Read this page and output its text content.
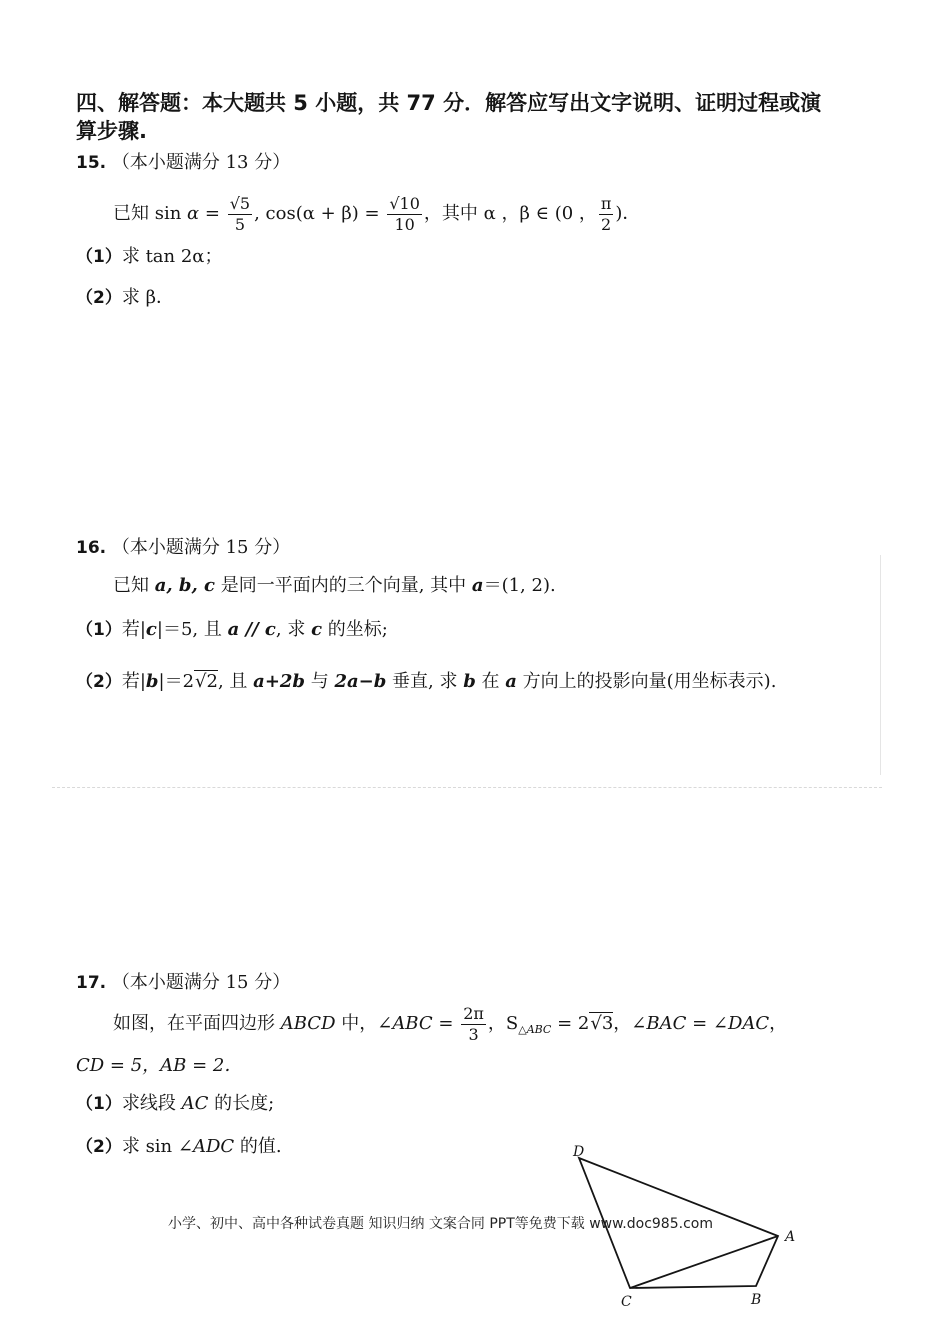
四、解答题：本大题共 5 小题，共 77 分．解答应写出文字说明、证明过程或演
算步骤.
15. （本小题满分 13 分）
已知 $\sin \alpha = \frac{√5}{5}$ , $\cos(\alpha + \beta) = \frac{√10}{10}$ ，其中 α ，β ∈ (0 ， $\frac{\pi}{2}$ )．
（1）求 tan 2α；
（2）求 β．
16. （本小题满分 15 分）
已知 a, b, c 是同一平面内的三个向量, 其中 a＝(1, 2).
（1）若|c|＝5, 且 a // c, 求 c 的坐标;
（2）若|b|＝2√2, 且 a+2b 与 2a−b 垂直, 求 b 在 a 方向上的投影向量(用坐标表示).
17. （本小题满分 15 分）
如图，在平面四边形 ABCD 中，∠ABC = $\frac{2\pi}{3}$ ，$S_{\triangle ABC} = 2√3$，∠BAC = ∠DAC，
CD = 5，AB = 2．
（1）求线段 AC 的长度;
（2）求 sin ∠ADC 的值.	D
A
C	B
小学、初中、高中各种试卷真题 知识归纳 文案合同 PPT等免费下载 www.doc985.com
